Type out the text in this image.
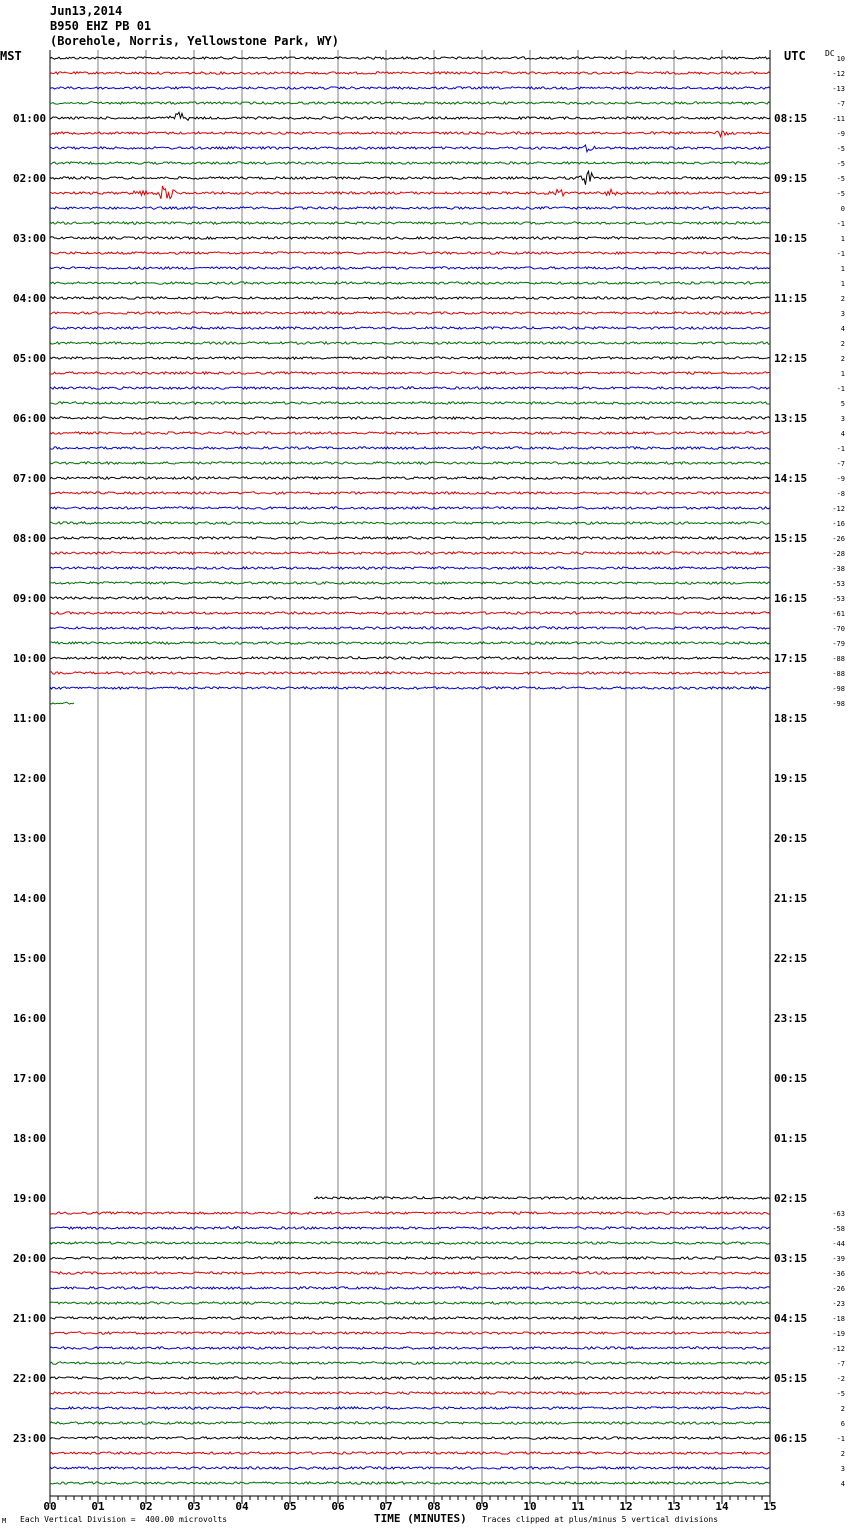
Jun13,2014
B950 EHZ PB 01
(Borehole, Norris, Yellowstone Park, WY)
MST	UTC DC
00	01	02	03	04	05	06	07	08	09	10	11	12	13	14	15
01:00
02:00
03:00
04:00
05:00
06:00
07:00
08:00
09:00
10:00
11:00
12:00
13:00
14:00
15:00
16:00
17:00
18:00
19:00
20:00
21:00
22:00
23:00
08:15
09:15
10:15
11:15
12:15
13:15
14:15
15:15
16:15
17:15
18:15
19:15
20:15
21:15
22:15
23:15
00:15
01:15
02:15
03:15
04:15
05:15
06:15
10
-12
-13
-7
-11
-9
-5
-5
-5
-5
0
-1
1
-1
1
1
2
3
4
2
2
1
-1
5
3
4
-1
-7
-9
-8
-12
-16
-26
-28
-38
-53
-53
-61
-70
-79
-88
-88
-98
-98
-63
-58
-44
-39
-36
-26
-23
-18
-19
-12
-7
-2
-5
2
6
-1
2
3
4
M Each Vertical Division =  400.00 microvolts	TIME (MINUTES) Traces clipped at plus/minus 5 vertical divisions
